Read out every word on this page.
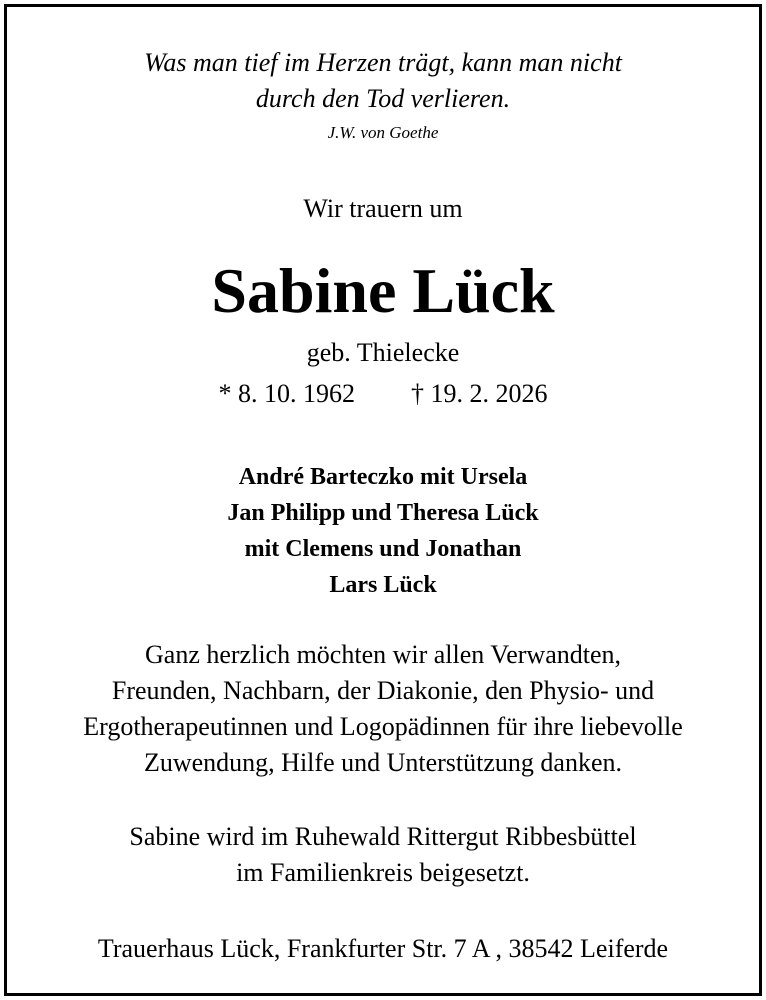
Was man tief im Herzen trägt, kann man nicht
durch den Tod verlieren.
J.W. von Goethe
Wir trauern um
Sabine Lück
geb. Thielecke
* 8. 10. 1962 † 19. 2. 2026
André Barteczko mit Ursela
Jan Philipp und Theresa Lück
mit Clemens und Jonathan
Lars Lück
Ganz herzlich möchten wir allen Verwandten,
Freunden, Nachbarn, der Diakonie, den Physio- und
Ergotherapeutinnen und Logopädinnen für ihre liebevolle
Zuwendung, Hilfe und Unterstützung danken.
Sabine wird im Ruhewald Rittergut Ribbesbüttel
im Familienkreis beigesetzt.
Trauerhaus Lück, Frankfurter Str. 7 A , 38542 Leiferde
